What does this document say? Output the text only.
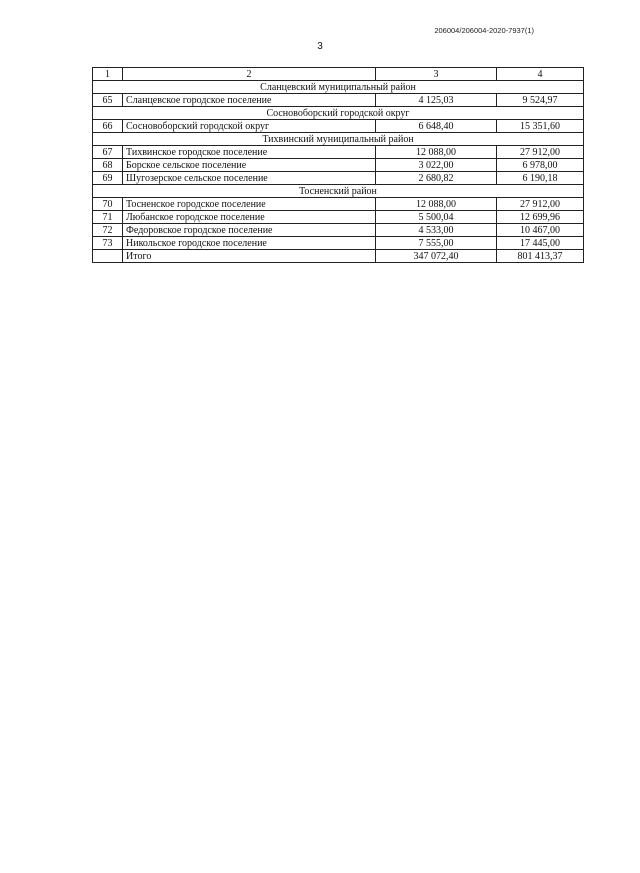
206004/206004-2020-7937(1)
3
1	2	3	4
Сланцевский муниципальный район			
65	Сланцевское городское поселение	4 125,03	9 524,97
Сосновоборский городской округ			
66	Сосновоборский городской округ	6 648,40	15 351,60
Тихвинский муниципальный район			
67	Тихвинское городское поселение	12 088,00	27 912,00
68	Борское сельское поселение	3 022,00	6 978,00
69	Шугозерское сельское поселение	2 680,82	6 190,18
Тосненский район			
70	Тосненское городское поселение	12 088,00	27 912,00
71	Любанское городское поселение	5 500,04	12 699,96
72	Федоровское городское поселение	4 533,00	10 467,00
73	Никольское городское поселение	7 555,00	17 445,00
	Итого	347 072,40	801 413,37
